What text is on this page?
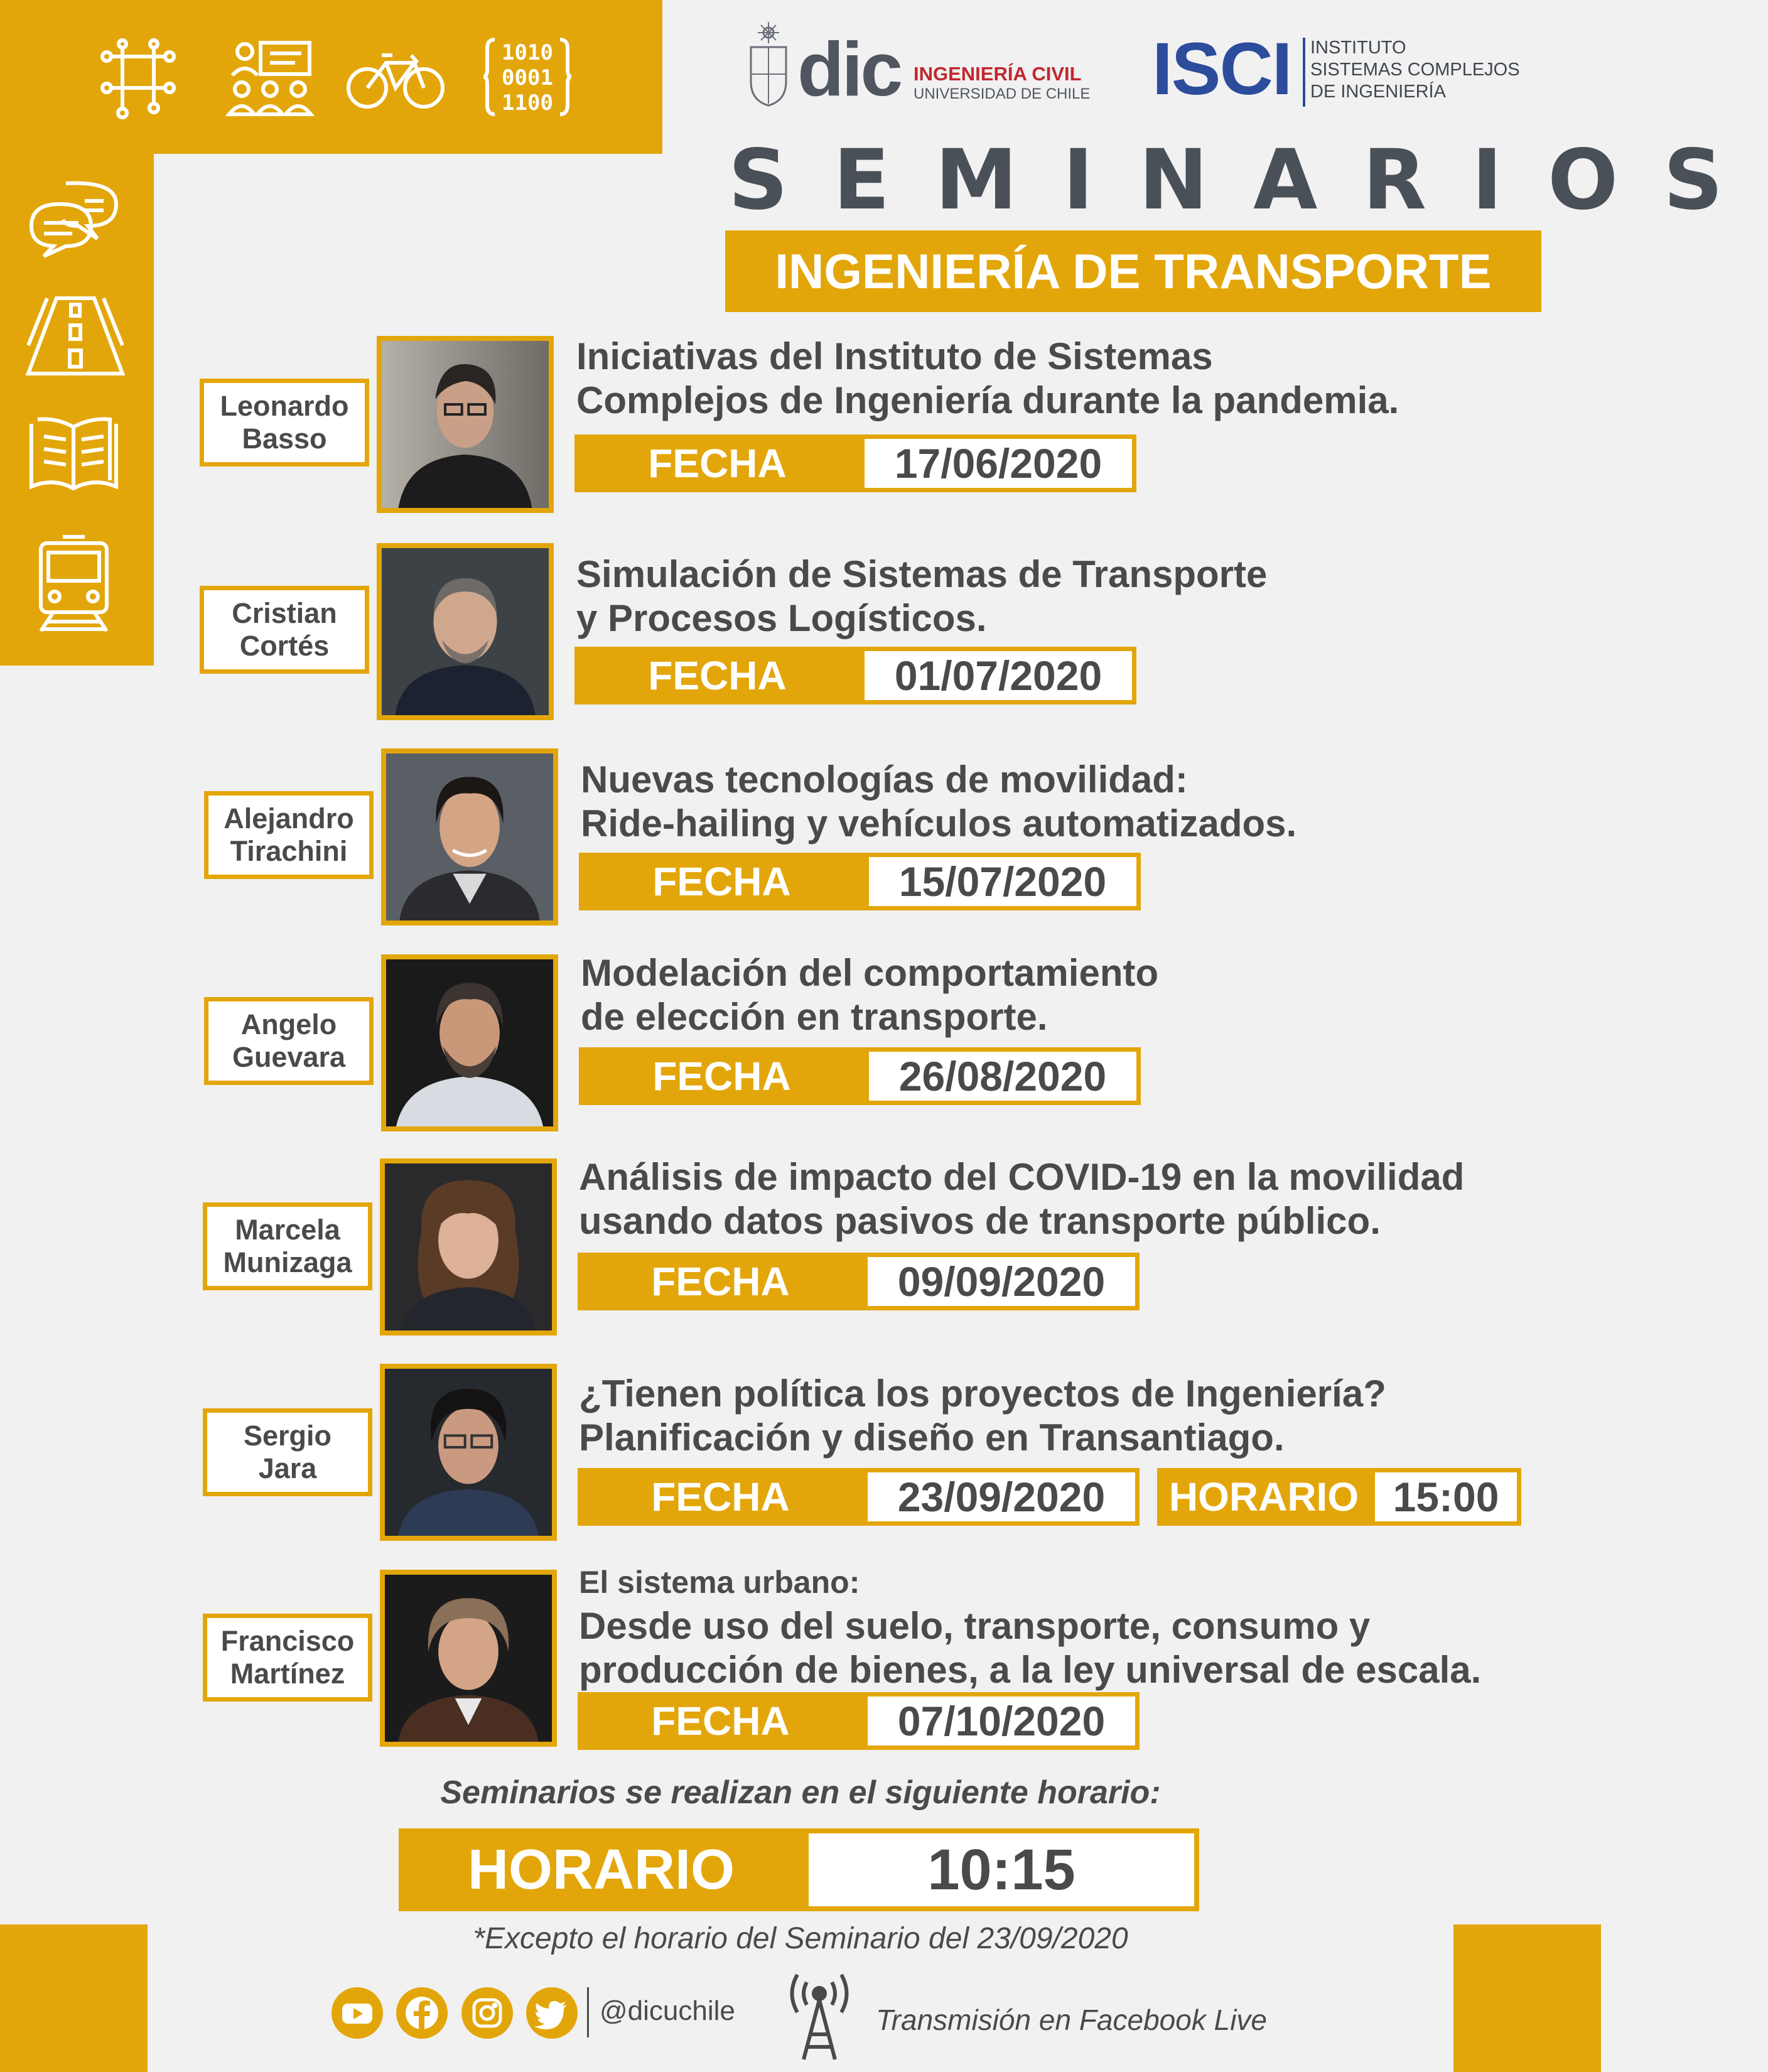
1010
0001
1100	dic INGENIERÍA CIVIL
UNIVERSIDAD DE CHILE ISCI INSTITUTO
SISTEMAS COMPLEJOS
DE INGENIERÍA
SEMINARIOS
INGENIERÍA DE TRANSPORTE
Leonardo
Basso
Iniciativas del Instituto de Sistemas
Complejos de Ingeniería durante la pandemia.
FECHA	17/06/2020
Cristian
Cortés
Simulación de Sistemas de Transporte
y Procesos Logísticos.
FECHA	01/07/2020
Alejandro
Tirachini
Nuevas tecnologías de movilidad:
Ride-hailing y vehículos automatizados.
FECHA	15/07/2020
Angelo
Guevara
Modelación del comportamiento
de elección en transporte.
FECHA	26/08/2020
Marcela
Munizaga
Análisis de impacto del COVID-19 en la movilidad
usando datos pasivos de transporte público.
FECHA	09/09/2020
Sergio
Jara
¿Tienen política los proyectos de Ingeniería?
Planificación y diseño en Transantiago.
FECHA	23/09/2020	HORARIO 15:00
Francisco
Martínez
El sistema urbano:
Desde uso del suelo, transporte, consumo y
producción de bienes, a la ley universal de escala.
FECHA	07/10/2020
Seminarios se realizan en el siguiente horario:
HORARIO	10:15
*Excepto el horario del Seminario del 23/09/2020
@dicuchile	Transmisión en Facebook Live
